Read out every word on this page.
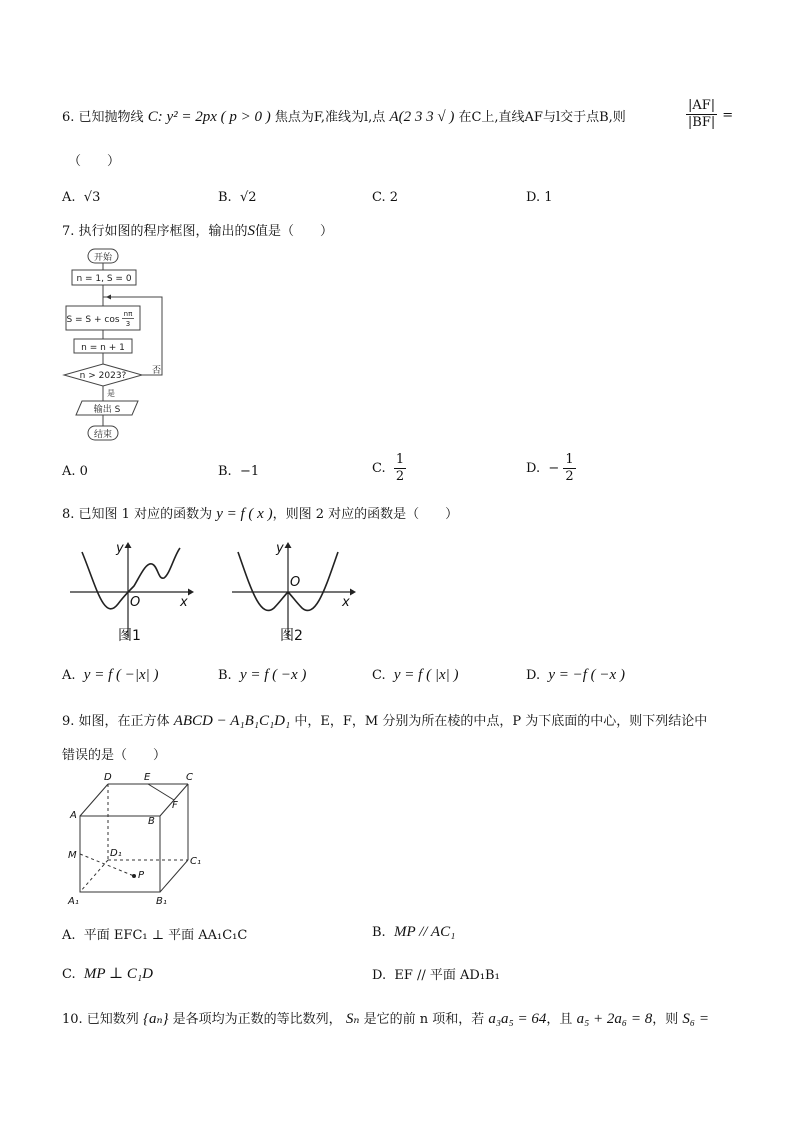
6. 已知抛物线 C: y² = 2px ( p > 0 ) 焦点为F,准线为l,点 A(2 3 3 √ ) 在C上,直线AF与l交于点B,则	$\frac{|AF|}{|BF|}$ =
（　　）
A. √3	B. √2	C. 2	D. 1
7. 执行如图的程序框图，输出的S值是（　　）
开始
n = 1, S = 0
S = S + cos
nπ
3
n = n + 1
n > 2023?	否
是
输出 S
结束
A. 0	B. −1	C. $\frac{1}{2}$	D. − $\frac{1}{2}$
8. 已知图 1 对应的函数为 y = f ( x )，则图 2 对应的函数是（　　）
y
O	x
图1
y
O
x
图2
A. y = f ( −|x| )	B. y = f ( −x )	C. y = f ( |x| )	D. y = −f ( −x )
9. 如图，在正方体 ABCD − A₁B₁C₁D₁ 中，E，F，M 分别为所在棱的中点，P 为下底面的中心，则下列结论中
错误的是（　　）
D	E	C
A
F
B
M	D₁
C₁
P
A₁	B₁
A. 平面 EFC₁ ⊥ 平面 AA₁C₁C	B. MP // AC₁
C. MP ⊥ C₁D	D. EF // 平面 AD₁B₁
10. 已知数列 {aₙ} 是各项均为正数的等比数列， Sₙ 是它的前 n 项和，若 a₃a₅ = 64，且 a₅ + 2a₆ = 8，则 S₆ =
